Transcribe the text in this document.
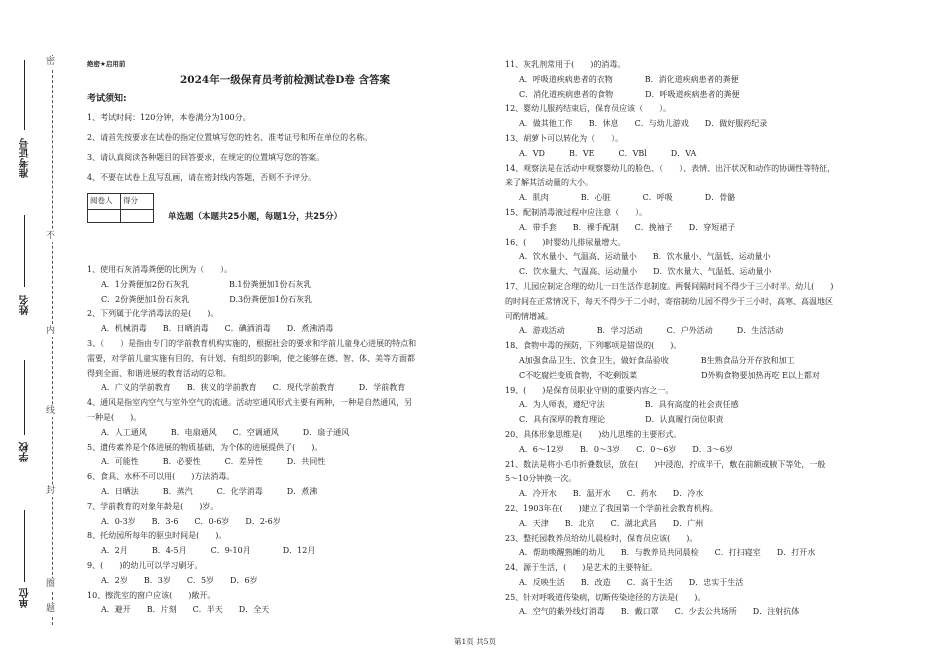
密
不
内
线
封
圈
题
准考证号
姓名
学校
单位
绝密★启用前
2024年一级保育员考前检测试卷D卷 含答案
考试须知:
1、考试时间：120分钟，本卷满分为100分。
2、请首先按要求在试卷的指定位置填写您的姓名、准考证号和所在单位的名称。
3、请认真阅读各种题目的回答要求，在规定的位置填写您的答案。
4、不要在试卷上乱写乱画，请在密封线内答题，否则不予评分。
阅卷人	得分

单选题（本题共25小题，每题1分，共25分）
1、使用石灰消毒粪便的比例为（　　）。
A．1分粪便加2份石灰乳　　　　　B.1份粪便加1份石灰乳
C．2份粪便加1份石灰乳　　　　　D.3份粪便加1份石灰乳
2、下列属于化学消毒法的是(　　)。
A．机械消毒　　B．日晒消毒　　C．碘酒消毒　　D．煮沸消毒
3、（　　）是指由专门的学前教育机构实施的，根据社会的要求和学前儿童身心进展的特点和
需要，对学前儿童实施有目的、有计划、有组织的影响，使之能够在德、智、体、美等方面都
得到全面、和谐进展的教育活动的总和。
A．广义的学前教育　　B．狭义的学前教育　　C．现代学前教育　　　D．学前教育
4、通风是指室内空气与室外空气的流通。活动室通风形式主要有两种，一种是自然通风，另
一种是(　　)。
A．人工通风　　　B．电扇通风　　C．空调通风　　　D．扇子通风
5、遗传素养是个体进展的物质基础，为个体的进展提供了(　　)。
A．可能性　　　B．必要性　　　C．差异性　　　D．共同性
6、食具、水杯不可以用(　　)方法消毒。
A．日晒法　　　B．蒸汽　　　C．化学消毒　　　D．煮沸
7、学前教育的对象年龄是(　　)岁。
A．0-3岁　　B．3-6　　C．0-6岁　　D．2-6岁
8、托幼园所每年的驱虫时间是(　　)。
A．2月　　　B．4-5月　　　C．9-10月　　　　D．12月
9、(　　)的幼儿可以学习刷牙。
A．2岁　　B．3岁　　C．5岁　　D．6岁
10、擦洗室的窗户应该(　　)敞开。
A．避开　　B．片刻　　C．半天　　D．全天
11、灰乳剂常用于(　　)的消毒。
A．呼吸道疾病患者的衣物　　　　B．消化道疾病患者的粪便
C．消化道疾病患者的食物　　　　D．呼吸道疾病患者的粪便
12、婴幼儿服药结束后，保育员应该（　　）。
A．做其他工作　　B．休息　　C．与幼儿游戏　　D．做好服药纪录
13、胡萝卜可以转化为（　　）。
A．VD　　　B．VE　　　C．VBl　　　D．VA
14、观察法是在活动中观察婴幼儿的脸色、（　　）、表情、出汗状况和动作的协调性等特征，
来了解其活动量的大小。
A．肌肉　　　　B．心脏　　　　C．呼吸　　　　D．骨骼
15、配制消毒液过程中应注意（　　）。
A．带手套　　B．裸手配制　　C．挽袖子　　D．穿短裙子
16、(　　)时婴幼儿排尿量增大。
A．饮水量小、气温高、运动量小　　B．饮水量小、气温低、运动量小
C．饮水量大、气温高、运动量小　　D．饮水量大、气温低、运动量小
17、儿园应制定合理的幼儿一日生活作息制度。两餐间隔时间不得少于三小时半。幼儿(　　)
的时间在正常情况下，每天不得少于二小时，寄宿制幼儿园不得少于三小时，高寒、高温地区
可酌情增减。
A．游戏活动　　　　B．学习活动　　　C．户外活动　　　D．生活活动
18、食物中毒的预防，下列哪项是错误的(　　)。
A加强食品卫生、饮食卫生，做好食品验收　　　　B生熟食品分开存放和加工
C不吃腐烂变质食物，不吃剩饭菜　　　　　　　　D外购食物要加热再吃 E以上都对
19、(　　)是保育员职业守则的重要内容之一。
A．为人师表，遵纪守法　　　　　B．具有高度的社会责任感
C．具有深厚的教育理论　　　　　D．认真履行岗位职责
20、具体形象思维是(　　)幼儿思维的主要形式。
A．6～12岁　　B．0～3岁　　C．0～6岁　　D．3～6岁
21、数法是将小毛巾折叠数层，放在(　　)中浸泡，拧成半干，敷在前额或腋下等处，一般
5～10分钟换一次。
A．冷开水　　B．温开水　　C．药水　　D．冷水
22、1903年在(　　)建立了我国第一个学前社会教育机构。
A．天津　　B．北京　　C．湖北武昌　　D．广州
23、整托园教养员给幼儿晨检时，保育员应该(　　)。
A．帮助唤醒熟睡的幼儿　　B．与教养员共同晨检　　C．打扫寝室　　D．打开水
24、源于生活，(　　)是艺术的主要特征。
A．反映生活　　B．改造　　C．高于生活　　D．忠实于生活
25、针对呼吸道传染病，切断传染途径的方法是(　　)。
A．空气的紫外线灯消毒　　B．戴口罩　　C．少去公共场所　　D．注射抗体
第1页 共5页
